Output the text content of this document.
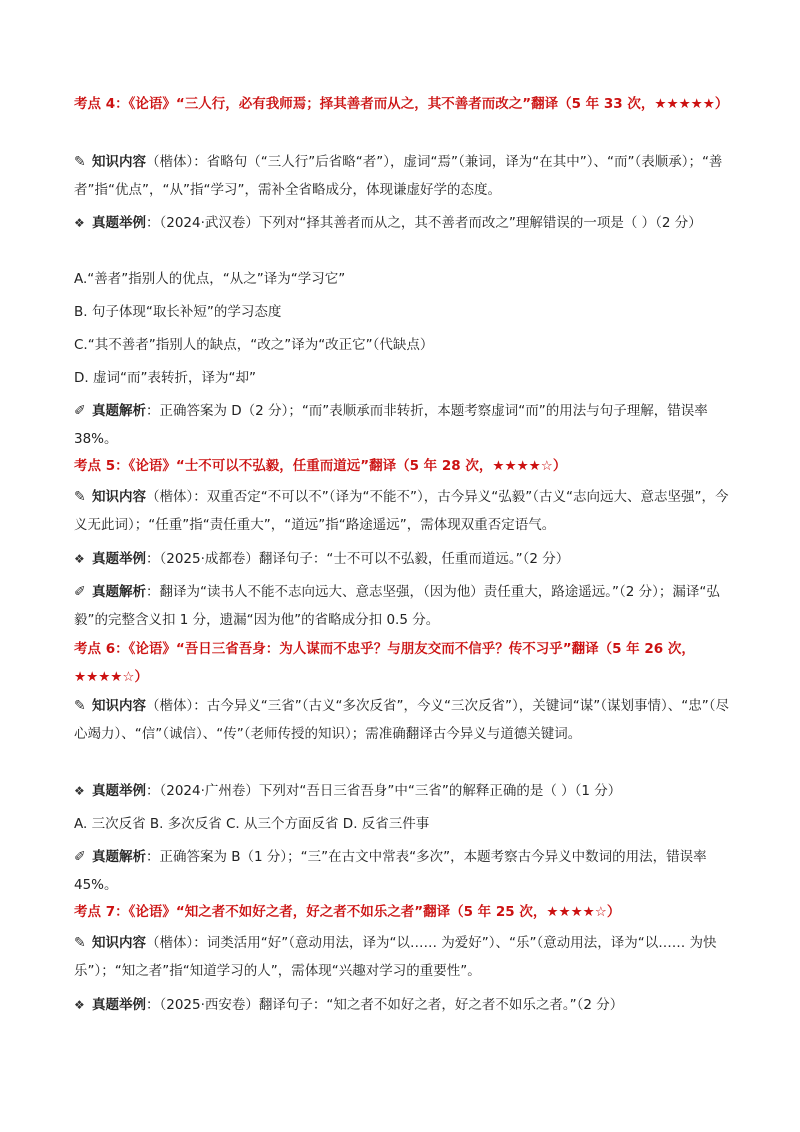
考点 4：《论语》“三人行，必有我师焉；择其善者而从之，其不善者而改之”翻译（5 年 33 次，★★★★★）
✎ 知识内容（楷体）：省略句（“三人行”后省略“者”），虚词“焉”（兼词，译为“在其中”）、“而”（表顺承）；“善者”指“优点”，“从”指“学习”，需补全省略成分，体现谦虚好学的态度。
❖ 真题举例：（2024·武汉卷）下列对“择其善者而从之，其不善者而改之”理解错误的一项是（ ）（2 分）
A.“善者”指别人的优点，“从之”译为“学习它”
B. 句子体现“取长补短”的学习态度
C.“其不善者”指别人的缺点，“改之”译为“改正它”（代缺点）
D. 虚词“而”表转折，译为“却”
✐ 真题解析：正确答案为 D（2 分）；“而”表顺承而非转折，本题考察虚词“而”的用法与句子理解，错误率 38%。
考点 5：《论语》“士不可以不弘毅，任重而道远”翻译（5 年 28 次，★★★★☆）
✎ 知识内容（楷体）：双重否定“不可以不”（译为“不能不”），古今异义“弘毅”（古义“志向远大、意志坚强”，今义无此词）；“任重”指“责任重大”，“道远”指“路途遥远”，需体现双重否定语气。
❖ 真题举例：（2025·成都卷）翻译句子：“士不可以不弘毅，任重而道远。”（2 分）
✐ 真题解析：翻译为“读书人不能不志向远大、意志坚强，（因为他）责任重大，路途遥远。”（2 分）；漏译“弘毅”的完整含义扣 1 分，遗漏“因为他”的省略成分扣 0.5 分。
考点 6：《论语》“吾日三省吾身：为人谋而不忠乎？与朋友交而不信乎？传不习乎”翻译（5 年 26 次，★★★★☆）
✎ 知识内容（楷体）：古今异义“三省”（古义“多次反省”，今义“三次反省”），关键词“谋”（谋划事情）、“忠”（尽心竭力）、“信”（诚信）、“传”（老师传授的知识）；需准确翻译古今异义与道德关键词。
❖ 真题举例：（2024·广州卷）下列对“吾日三省吾身”中“三省”的解释正确的是（ ）（1 分）
A. 三次反省 B. 多次反省 C. 从三个方面反省 D. 反省三件事
✐ 真题解析：正确答案为 B（1 分）；“三”在古文中常表“多次”，本题考察古今异义中数词的用法，错误率 45%。
考点 7：《论语》“知之者不如好之者，好之者不如乐之者”翻译（5 年 25 次，★★★★☆）
✎ 知识内容（楷体）：词类活用“好”（意动用法，译为“以…… 为爱好”）、“乐”（意动用法，译为“以…… 为快乐”）；“知之者”指“知道学习的人”，需体现“兴趣对学习的重要性”。
❖ 真题举例：（2025·西安卷）翻译句子：“知之者不如好之者，好之者不如乐之者。”（2 分）
